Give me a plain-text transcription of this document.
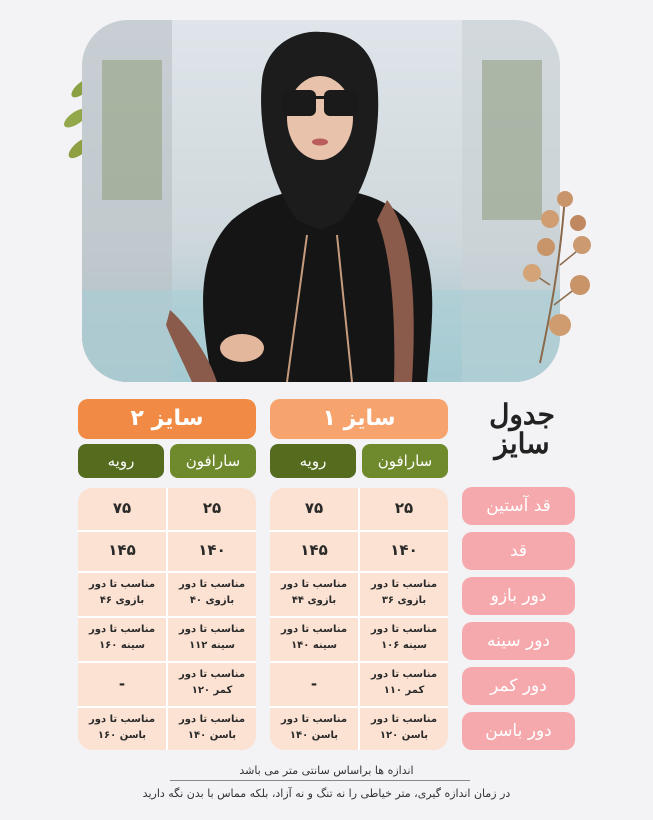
جدول
سایز
سایز ۱
سایز ۲
سارافون
رویه
سارافون
رویه
۲۵
۷۵
۱۴۰
۱۴۵
مناسب تا دور بازوی ۳۶
مناسب تا دور بازوی ۴۴
مناسب تا دور سینه ۱۰۶
مناسب تا دور سینه ۱۴۰
مناسب تا دور کمر ۱۱۰
-
مناسب تا دور باسن ۱۲۰
مناسب تا دور باسن ۱۴۰
۲۵
۷۵
۱۴۰
۱۴۵
مناسب تا دور بازوی ۴۰
مناسب تا دور بازوی ۴۶
مناسب تا دور سینه ۱۱۲
مناسب تا دور سینه ۱۶۰
مناسب تا دور کمر ۱۲۰
-
مناسب تا دور باسن ۱۴۰
مناسب تا دور باسن ۱۶۰
قد آستین
قد
دور بازو
دور سینه
دور کمر
دور باسن
اندازه ها براساس سانتی متر می باشد
در زمان اندازه گیری، متر خیاطی را نه تنگ و نه آزاد، بلکه مماس با بدن نگه دارید
